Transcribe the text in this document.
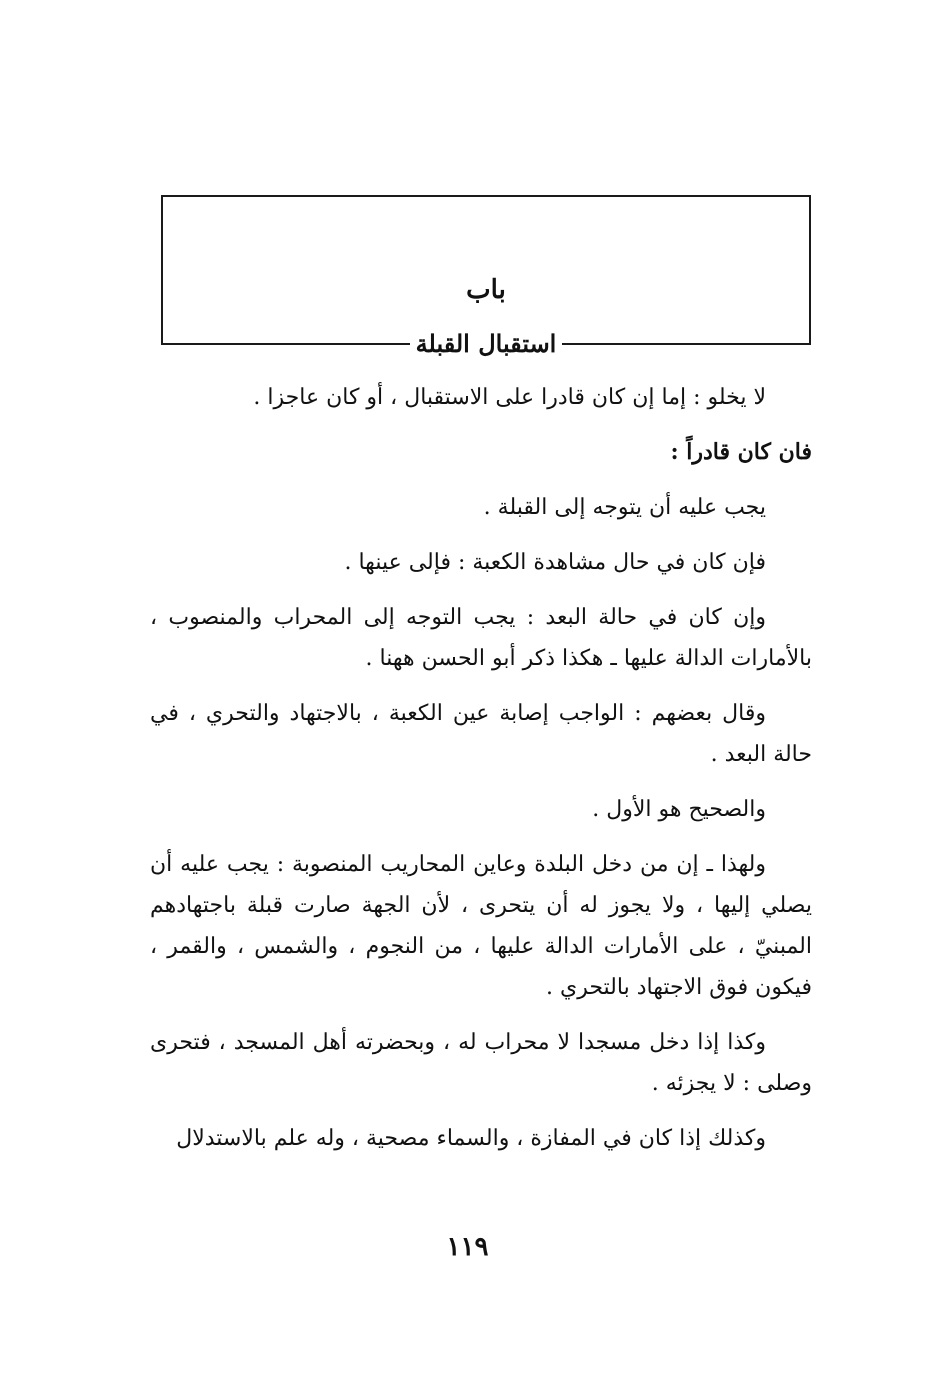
باب
استقبال القبلة

لا يخلو : إما إن كان قادرا على الاستقبال ، أو كان عاجزا .

فان كان قادراً :

يجب عليه أن يتوجه إلى القبلة .

فإن كان في حال مشاهدة الكعبة : فإلى عينها .

وإن كان في حالة البعد : يجب التوجه إلى المحراب والمنصوب ، بالأمارات الدالة عليها ـ هكذا ذكر أبو الحسن ههنا .

وقال بعضهم : الواجب إصابة عين الكعبة ، بالاجتهاد والتحري ، في حالة البعد .

والصحيح هو الأول .

ولهذا ـ إن من دخل البلدة وعاين المحاريب المنصوبة : يجب عليه أن يصلي إليها ، ولا يجوز له أن يتحرى ، لأن الجهة صارت قبلة باجتهادهم المبنيّ ، على الأمارات الدالة عليها ، من النجوم ، والشمس ، والقمر ، فيكون فوق الاجتهاد بالتحري .

وكذا إذا دخل مسجدا لا محراب له ، وبحضرته أهل المسجد ، فتحرى وصلى : لا يجزئه .

وكذلك إذا كان في المفازة ، والسماء مصحية ، وله علم بالاستدلال

١١٩
